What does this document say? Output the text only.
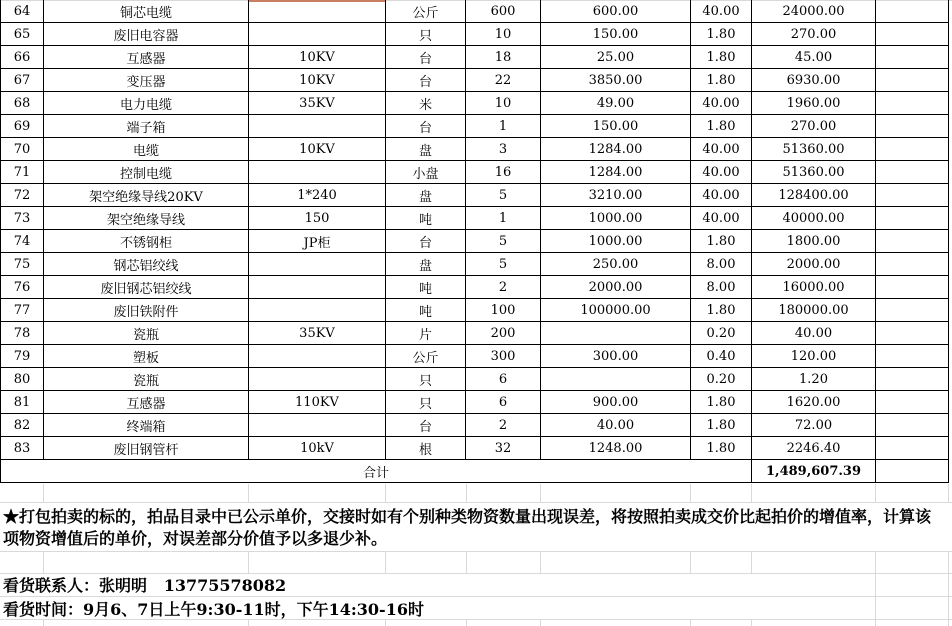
64	铜芯电缆		公斤	600	600.00	40.00	24000.00	
65	废旧电容器		只	10	150.00	1.80	270.00	
66	互感器	10KV	台	18	25.00	1.80	45.00	
67	变压器	10KV	台	22	3850.00	1.80	6930.00	
68	电力电缆	35KV	米	10	49.00	40.00	1960.00	
69	端子箱		台	1	150.00	1.80	270.00	
70	电缆	10KV	盘	3	1284.00	40.00	51360.00	
71	控制电缆		小盘	16	1284.00	40.00	51360.00	
72	架空绝缘导线20KV	1*240	盘	5	3210.00	40.00	128400.00	
73	架空绝缘导线	150	吨	1	1000.00	40.00	40000.00	
74	不锈钢柜	JP柜	台	5	1000.00	1.80	1800.00	
75	钢芯铝绞线		盘	5	250.00	8.00	2000.00	
76	废旧钢芯铝绞线		吨	2	2000.00	8.00	16000.00	
77	废旧铁附件		吨	100	100000.00	1.80	180000.00	
78	瓷瓶	35KV	片	200		0.20	40.00	
79	塑板		公斤	300	300.00	0.40	120.00	
80	瓷瓶		只	6		0.20	1.20	
81	互感器	110KV	只	6	900.00	1.80	1620.00	
82	终端箱		台	2	40.00	1.80	72.00	
83	废旧钢管杆	10kV	根	32	1248.00	1.80	2246.40	
合计							1,489,607.39	
★打包拍卖的标的，拍品目录中已公示单价，交接时如有个别种类物资数量出现误差，将按照拍卖成交价比起拍价的增值率，计算该
项物资增值后的单价，对误差部分价值予以多退少补。
看货联系人：张明明   13775578082
看货时间：9月6、7日上午9:30-11时，下午14:30-16时
